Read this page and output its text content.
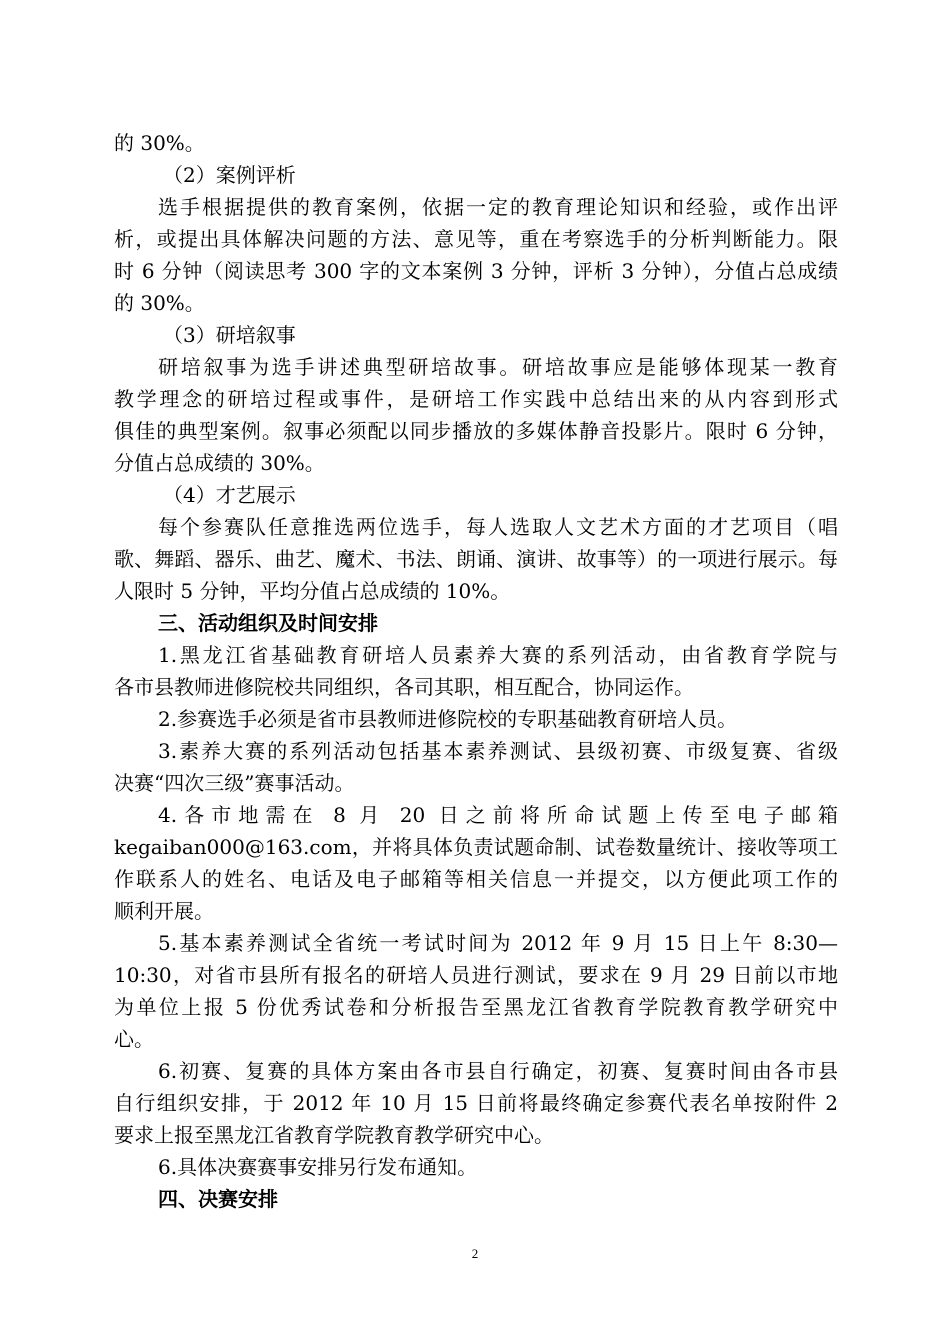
的 30%。
（2）案例评析
选手根据提供的教育案例，依据一定的教育理论知识和经验，或作出评
析，或提出具体解决问题的方法、意见等，重在考察选手的分析判断能力。限
时 6 分钟（阅读思考 300 字的文本案例 3 分钟，评析 3 分钟），分值占总成绩
的 30%。
（3）研培叙事
研培叙事为选手讲述典型研培故事。研培故事应是能够体现某一教育
教学理念的研培过程或事件，是研培工作实践中总结出来的从内容到形式
俱佳的典型案例。叙事必须配以同步播放的多媒体静音投影片。限时 6 分钟，
分值占总成绩的 30%。
（4）才艺展示
每个参赛队任意推选两位选手，每人选取人文艺术方面的才艺项目（唱
歌、舞蹈、器乐、曲艺、魔术、书法、朗诵、演讲、故事等）的一项进行展示。每
人限时 5 分钟，平均分值占总成绩的 10%。
三、活动组织及时间安排
1.黑龙江省基础教育研培人员素养大赛的系列活动，由省教育学院与
各市县教师进修院校共同组织，各司其职，相互配合，协同运作。
2.参赛选手必须是省市县教师进修院校的专职基础教育研培人员。
3.素养大赛的系列活动包括基本素养测试、县级初赛、市级复赛、省级
决赛“四次三级”赛事活动。
4.各市地需在 8 月 20 日之前将所命试题上传至电子邮箱
kegaiban000@163.com，并将具体负责试题命制、试卷数量统计、接收等项工
作联系人的姓名、电话及电子邮箱等相关信息一并提交，以方便此项工作的
顺利开展。
5.基本素养测试全省统一考试时间为 2012 年 9 月 15 日上午 8:30—
10:30，对省市县所有报名的研培人员进行测试，要求在 9 月 29 日前以市地
为单位上报 5 份优秀试卷和分析报告至黑龙江省教育学院教育教学研究中
心。
6.初赛、复赛的具体方案由各市县自行确定，初赛、复赛时间由各市县
自行组织安排，于 2012 年 10 月 15 日前将最终确定参赛代表名单按附件 2
要求上报至黑龙江省教育学院教育教学研究中心。
6.具体决赛赛事安排另行发布通知。
四、决赛安排
2
